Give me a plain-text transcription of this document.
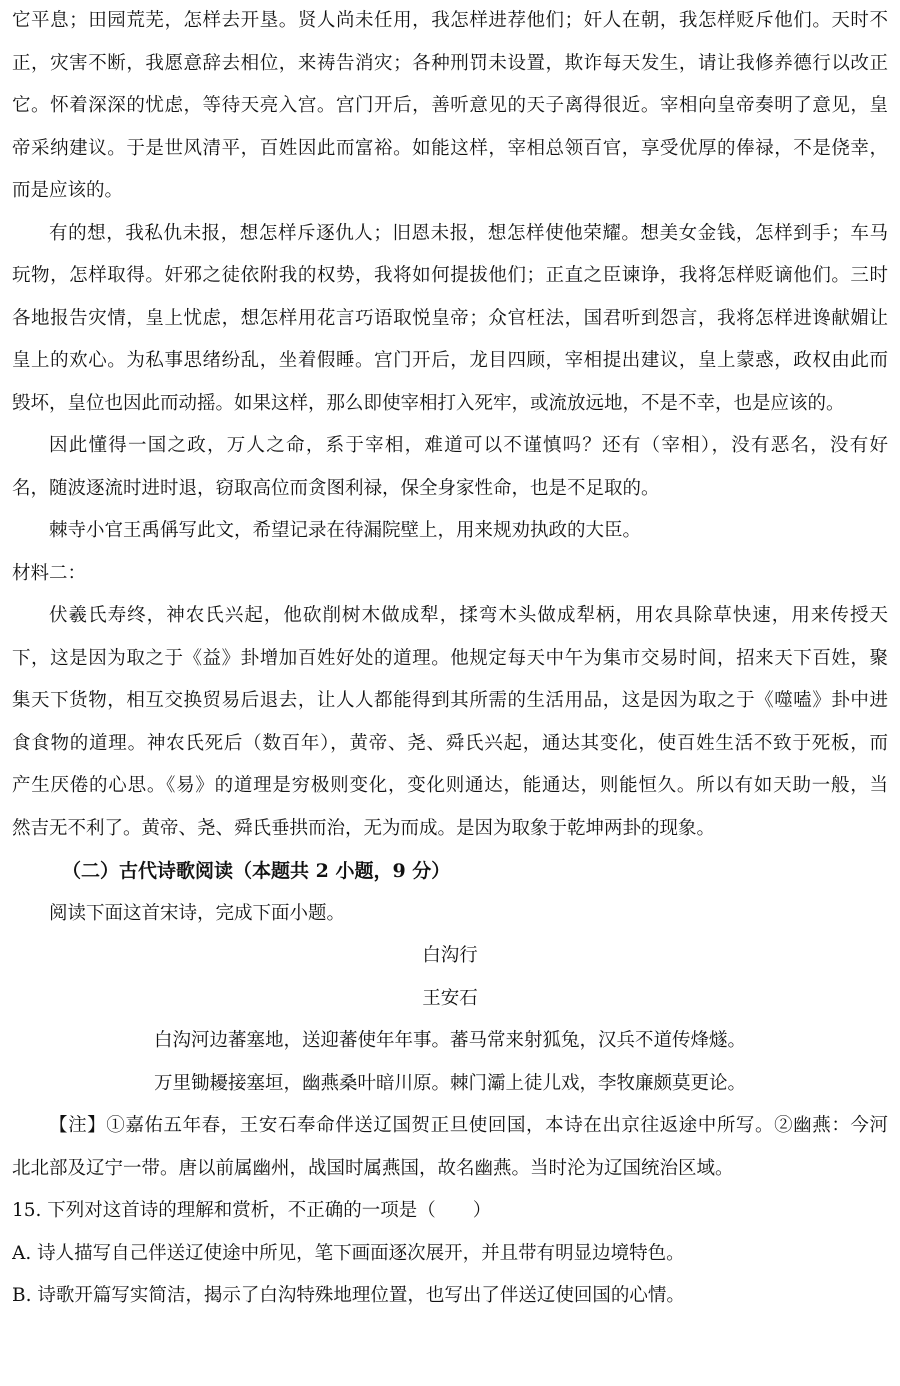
它平息；田园荒芜，怎样去开垦。贤人尚未任用，我怎样进荐他们；奸人在朝，我怎样贬斥他们。天时不
正，灾害不断，我愿意辞去相位，来祷告消灾；各种刑罚未设置，欺诈每天发生，请让我修养德行以改正
它。怀着深深的忧虑，等待天亮入宫。宫门开后，善听意见的天子离得很近。宰相向皇帝奏明了意见，皇
帝采纳建议。于是世风清平，百姓因此而富裕。如能这样，宰相总领百官，享受优厚的俸禄，不是侥幸，
而是应该的。
有的想，我私仇未报，想怎样斥逐仇人；旧恩未报，想怎样使他荣耀。想美女金钱，怎样到手；车马
玩物，怎样取得。奸邪之徒依附我的权势，我将如何提拔他们；正直之臣谏诤，我将怎样贬谪他们。三时
各地报告灾情，皇上忧虑，想怎样用花言巧语取悦皇帝；众官枉法，国君听到怨言，我将怎样进谗献媚让
皇上的欢心。为私事思绪纷乱，坐着假睡。宫门开后，龙目四顾，宰相提出建议，皇上蒙惑，政权由此而
毁坏，皇位也因此而动摇。如果这样，那么即使宰相打入死牢，或流放远地，不是不幸，也是应该的。
因此懂得一国之政，万人之命，系于宰相，难道可以不谨慎吗？还有（宰相），没有恶名，没有好
名，随波逐流时进时退，窃取高位而贪图利禄，保全身家性命，也是不足取的。
棘寺小官王禹偁写此文，希望记录在待漏院壁上，用来规劝执政的大臣。
材料二：
伏羲氏寿终，神农氏兴起，他砍削树木做成犁，揉弯木头做成犁柄，用农具除草快速，用来传授天
下，这是因为取之于《益》卦增加百姓好处的道理。他规定每天中午为集市交易时间，招来天下百姓，聚
集天下货物，相互交换贸易后退去，让人人都能得到其所需的生活用品，这是因为取之于《噬嗑》卦中进
食食物的道理。神农氏死后（数百年），黄帝、尧、舜氏兴起，通达其变化，使百姓生活不致于死板，而
产生厌倦的心思。《易》的道理是穷极则变化，变化则通达，能通达，则能恒久。所以有如天助一般，当
然吉无不利了。黄帝、尧、舜氏垂拱而治，无为而成。是因为取象于乾坤两卦的现象。
（二）古代诗歌阅读（本题共 2 小题，9 分）
阅读下面这首宋诗，完成下面小题。
白沟行
王安石
白沟河边蕃塞地，送迎蕃使年年事。蕃马常来射狐兔，汉兵不道传烽燧。
万里锄耰接塞垣，幽燕桑叶暗川原。棘门灞上徒儿戏，李牧廉颇莫更论。
【注】①嘉佑五年春，王安石奉命伴送辽国贺正旦使回国，本诗在出京往返途中所写。②幽燕：今河
北北部及辽宁一带。唐以前属幽州，战国时属燕国，故名幽燕。当时沦为辽国统治区域。
15. 下列对这首诗的理解和赏析，不正确的一项是（　　）
A. 诗人描写自己伴送辽使途中所见，笔下画面逐次展开，并且带有明显边境特色。
B. 诗歌开篇写实简洁，揭示了白沟特殊地理位置，也写出了伴送辽使回国的心情。
